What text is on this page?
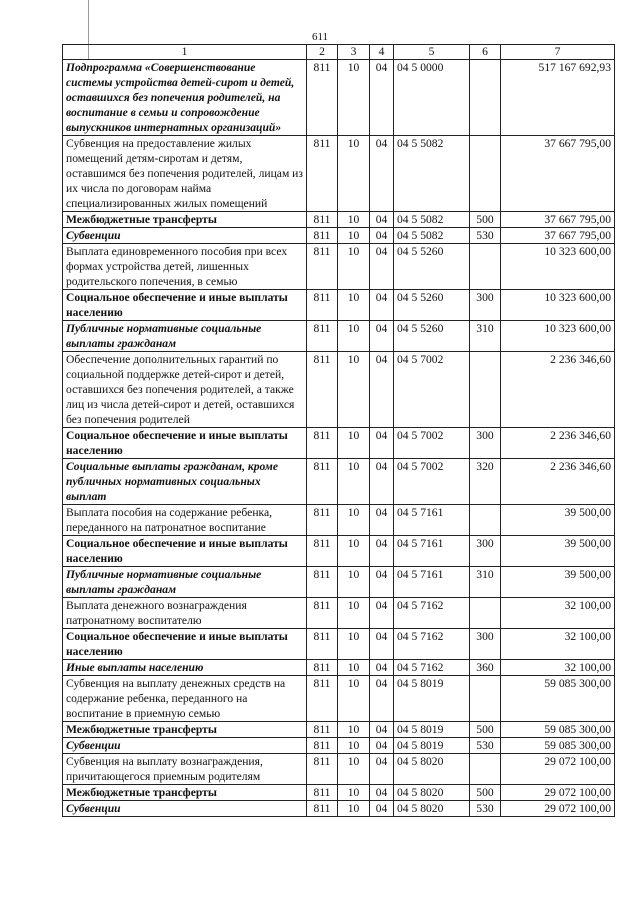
611
1	2	3	4	5	6	7
Подпрограмма «Совершенствование системы устройства детей-сирот и детей, оставшихся без попечения родителей, на воспитание в семьи и сопровождение выпускников интернатных организаций»	811	10	04	04 5 0000		517 167 692,93
Субвенция на предоставление жилых помещений детям-сиротам и детям, оставшимся без попечения родителей, лицам из их числа по договорам найма специализированных жилых помещений	811	10	04	04 5 5082		37 667 795,00
Межбюджетные трансферты	811	10	04	04 5 5082	500	37 667 795,00
Субвенции	811	10	04	04 5 5082	530	37 667 795,00
Выплата единовременного пособия при всех формах устройства детей, лишенных родительского попечения, в семью	811	10	04	04 5 5260		10 323 600,00
Социальное обеспечение и иные выплаты населению	811	10	04	04 5 5260	300	10 323 600,00
Публичные нормативные социальные выплаты гражданам	811	10	04	04 5 5260	310	10 323 600,00
Обеспечение дополнительных гарантий по социальной поддержке детей-сирот и детей, оставшихся без попечения родителей, а также лиц из числа детей-сирот и детей, оставшихся без попечения родителей	811	10	04	04 5 7002		2 236 346,60
Социальное обеспечение и иные выплаты населению	811	10	04	04 5 7002	300	2 236 346,60
Социальные выплаты гражданам, кроме публичных нормативных социальных выплат	811	10	04	04 5 7002	320	2 236 346,60
Выплата пособия на содержание ребенка, переданного на патронатное воспитание	811	10	04	04 5 7161		39 500,00
Социальное обеспечение и иные выплаты населению	811	10	04	04 5 7161	300	39 500,00
Публичные нормативные социальные выплаты гражданам	811	10	04	04 5 7161	310	39 500,00
Выплата денежного вознаграждения патронатному воспитателю	811	10	04	04 5 7162		32 100,00
Социальное обеспечение и иные выплаты населению	811	10	04	04 5 7162	300	32 100,00
Иные выплаты населению	811	10	04	04 5 7162	360	32 100,00
Субвенция на выплату денежных средств на содержание ребенка, переданного на воспитание в приемную семью	811	10	04	04 5 8019		59 085 300,00
Межбюджетные трансферты	811	10	04	04 5 8019	500	59 085 300,00
Субвенции	811	10	04	04 5 8019	530	59 085 300,00
Субвенция на выплату вознаграждения, причитающегося приемным родителям	811	10	04	04 5 8020		29 072 100,00
Межбюджетные трансферты	811	10	04	04 5 8020	500	29 072 100,00
Субвенции	811	10	04	04 5 8020	530	29 072 100,00
